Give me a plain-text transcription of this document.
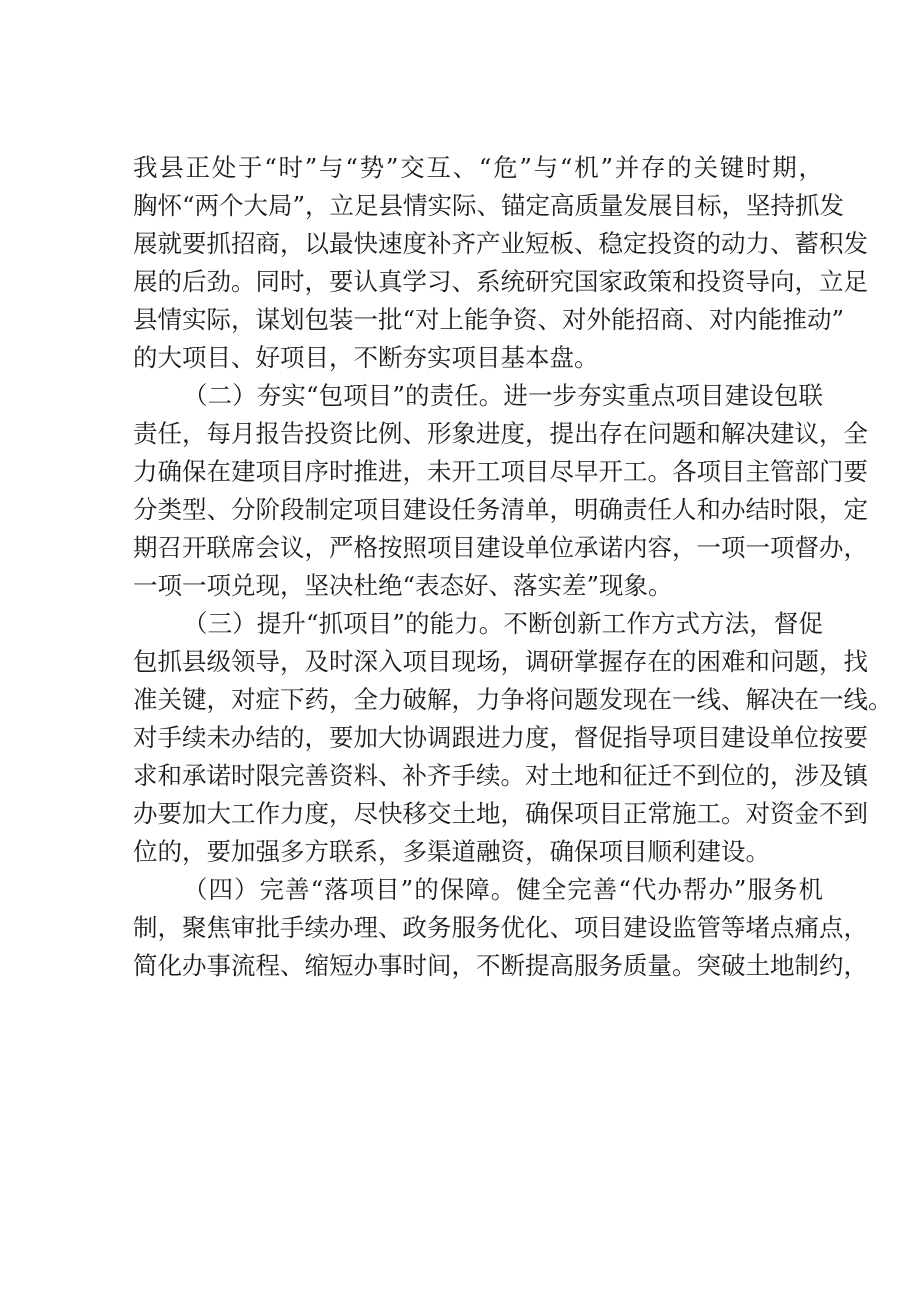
我县正处于“时”与“势”交互、“危”与“机”并存的关键时期，
胸怀“两个大局”，立足县情实际、锚定高质量发展目标，坚持抓发
展就要抓招商，以最快速度补齐产业短板、稳定投资的动力、蓄积发
展的后劲。同时，要认真学习、系统研究国家政策和投资导向，立足
县情实际，谋划包装一批“对上能争资、对外能招商、对内能推动”
的大项目、好项目，不断夯实项目基本盘。
（二）夯实“包项目”的责任。进一步夯实重点项目建设包联
责任，每月报告投资比例、形象进度，提出存在问题和解决建议，全
力确保在建项目序时推进，未开工项目尽早开工。各项目主管部门要
分类型、分阶段制定项目建设任务清单，明确责任人和办结时限，定
期召开联席会议，严格按照项目建设单位承诺内容，一项一项督办，
一项一项兑现，坚决杜绝“表态好、落实差”现象。
（三）提升“抓项目”的能力。不断创新工作方式方法，督促
包抓县级领导，及时深入项目现场，调研掌握存在的困难和问题，找
准关键，对症下药，全力破解，力争将问题发现在一线、解决在一线。
对手续未办结的，要加大协调跟进力度，督促指导项目建设单位按要
求和承诺时限完善资料、补齐手续。对土地和征迁不到位的，涉及镇
办要加大工作力度，尽快移交土地，确保项目正常施工。对资金不到
位的，要加强多方联系，多渠道融资，确保项目顺利建设。
（四）完善“落项目”的保障。健全完善“代办帮办”服务机
制，聚焦审批手续办理、政务服务优化、项目建设监管等堵点痛点，
简化办事流程、缩短办事时间，不断提高服务质量。突破土地制约，
